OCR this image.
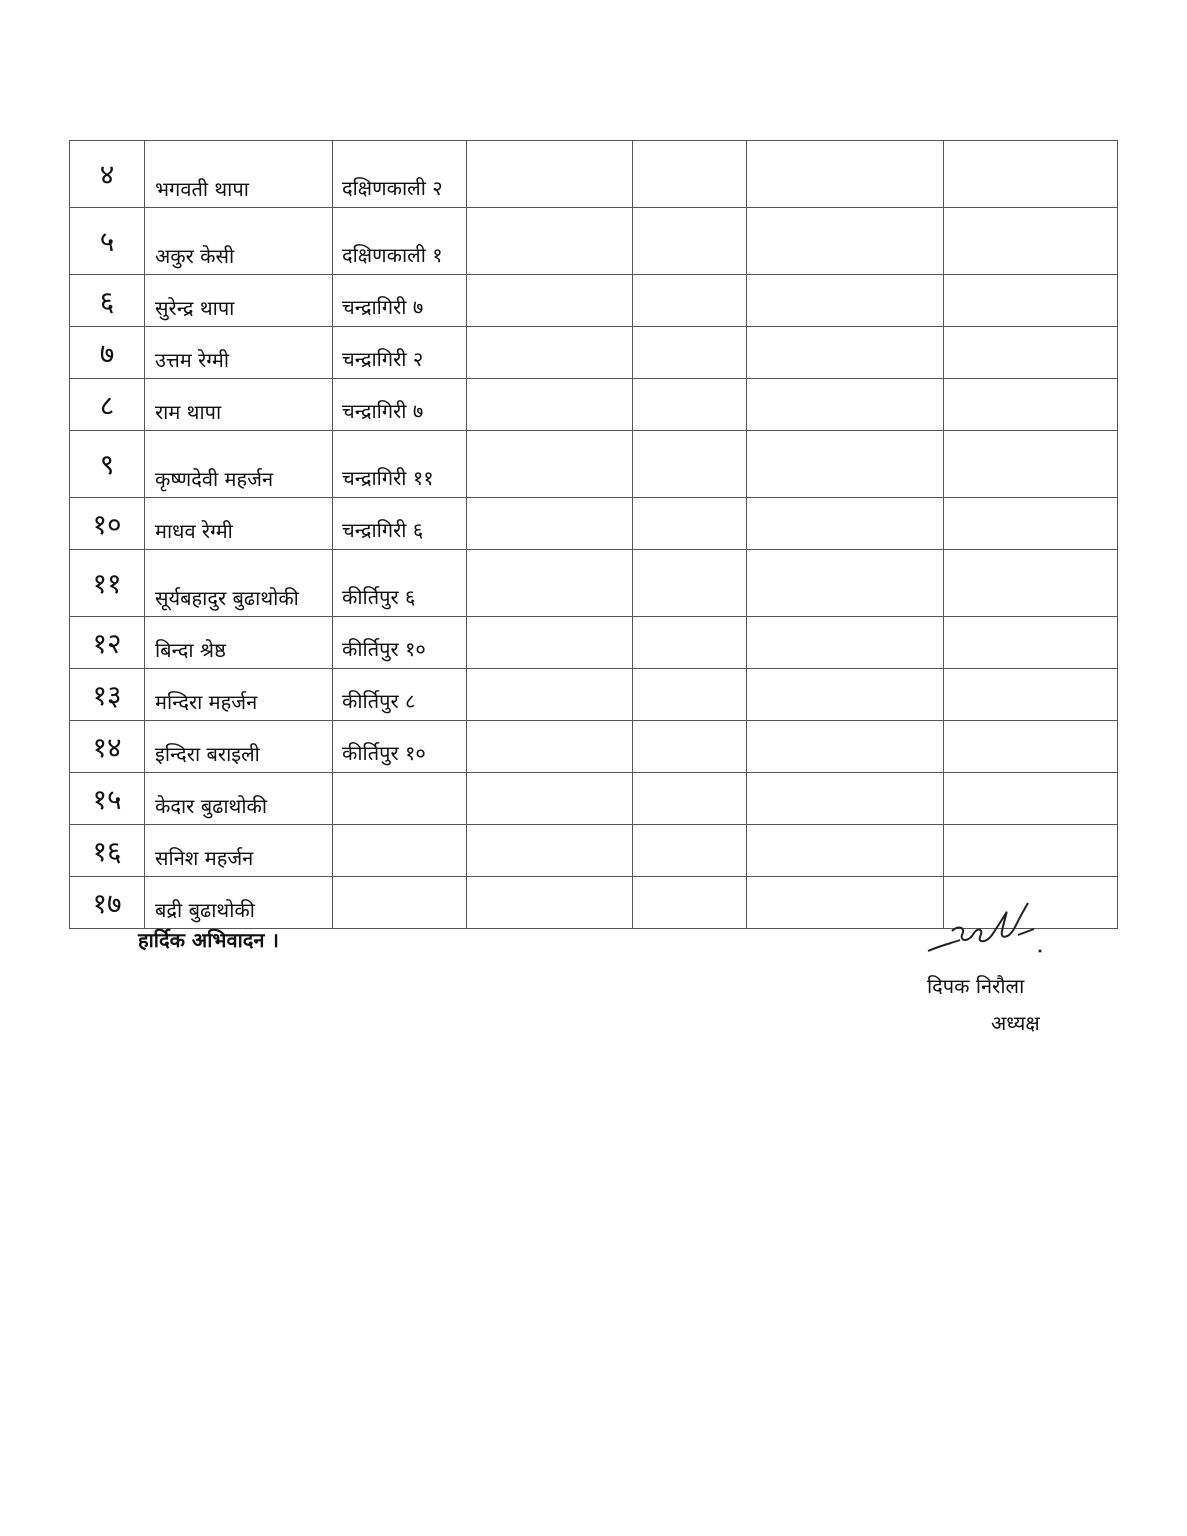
४	भगवती थापा	दक्षिणकाली २				
५	अकुर केसी	दक्षिणकाली १				
६	सुरेन्द्र थापा	चन्द्रागिरी ७				
७	उत्तम रेग्मी	चन्द्रागिरी २				
८	राम थापा	चन्द्रागिरी ७				
९	कृष्णदेवी महर्जन	चन्द्रागिरी ११				
१०	माधव रेग्मी	चन्द्रागिरी ६				
११	सूर्यबहादुर बुढाथोकी	कीर्तिपुर ६				
१२	बिन्दा श्रेष्ठ	कीर्तिपुर १०				
१३	मन्दिरा महर्जन	कीर्तिपुर ८				
१४	इन्दिरा बराइली	कीर्तिपुर १०				
१५	केदार बुढाथोकी					
१६	सनिश महर्जन					
१७	बद्री बुढाथोकी					
हार्दिक अभिवादन ।
दिपक निरौला
अध्यक्ष
